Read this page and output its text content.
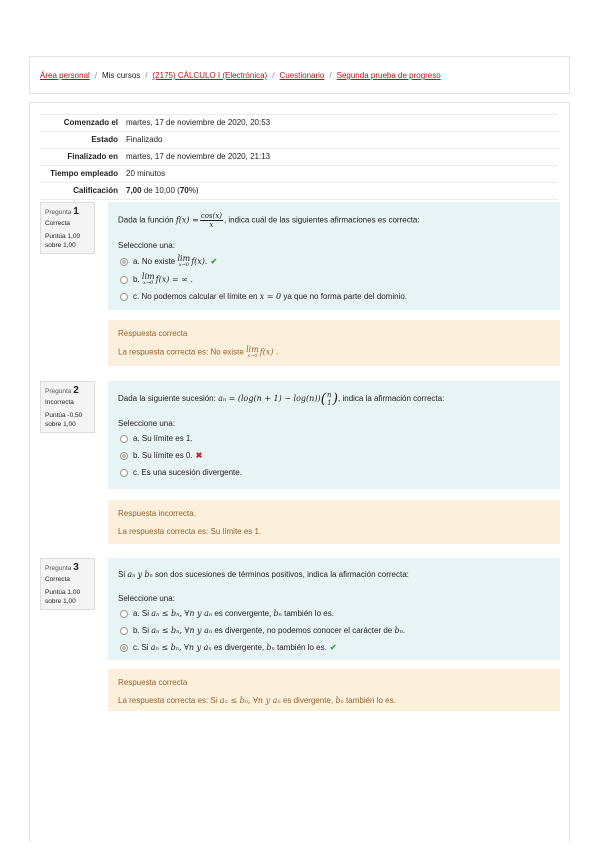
Área personal / Mis cursos / (2175) CÁLCULO I (Electrónica) / Cuestionario / Segunda prueba de progreso
Comenzado el	martes, 17 de noviembre de 2020, 20:53
Estado	Finalizado
Finalizado en	martes, 17 de noviembre de 2020, 21:13
Tiempo empleado	20 minutos
Calificación	7,00 de 10,00 (70%)
Pregunta 1
Correcta
Puntúa 1,00 sobre 1,00
Dada la función $f(x) = \frac{\cos(x)}{x}$ , indica cuál de las siguientes afirmaciones es correcta:
Seleccione una:
a. No existe
lim
x→0 f(x). ✔
b.
lim
x→0 f(x) = ∞ .
c. No podemos calcular el límite en
x = 0
ya que no forma parte del dominio.
Respuesta correcta
La respuesta correcta es: No existe lim
x→0 f(x) .
Pregunta 2
Incorrecta
Puntúa -0,50 sobre 1,00
Dada la siguiente sucesión: aₙ = (log(n + 1) − log(n))( n
1 ), indica la afirmación correcta:
Seleccione una:
a. Su límite es 1.
b. Su límite es 0. ✖
c. Es una sucesión divergente.
Respuesta incorrecta.
La respuesta correcta es: Su límite es 1.
Pregunta 3
Correcta
Puntúa 1,00 sobre 1,00
Si aₙ y bₙ son dos sucesiones de términos positivos, indica la afirmación correcta:
Seleccione una:
a. Si
aₙ ≤ bₙ, ∀n y aₙ
es convergente,
bₙ
también lo es.
b. Si
aₙ ≤ bₙ, ∀n y aₙ
es divergente, no podemos conocer el carácter de
bₙ .
c. Si
aₙ ≤ bₙ, ∀n y aₙ
es divergente,
bₙ
también lo es. ✔
Respuesta correcta
La respuesta correcta es: Si aₙ ≤ bₙ, ∀n y aₙ es divergente, bₙ también lo es.
